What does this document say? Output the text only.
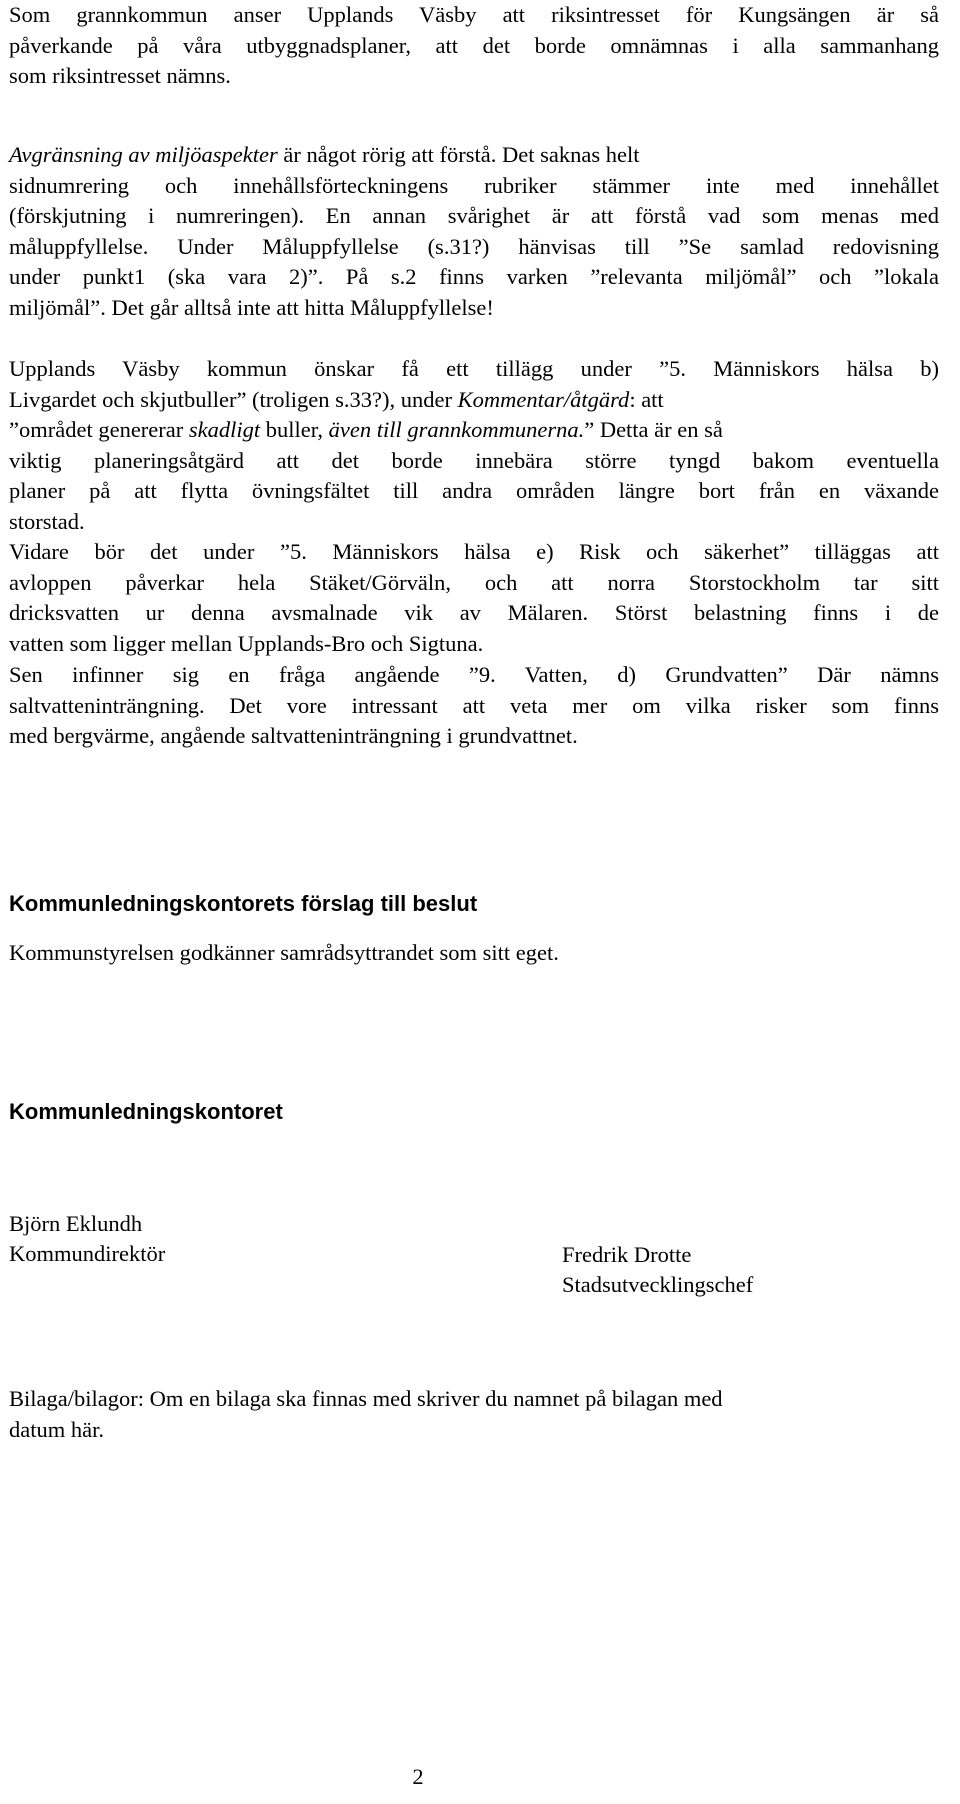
Som grannkommun anser Upplands Väsby att riksintresset för Kungsängen är så
påverkande på våra utbyggnadsplaner, att det borde omnämnas i alla sammanhang
som riksintresset nämns.
Avgränsning av miljöaspekter är något rörig att förstå. Det saknas helt
sidnumrering och innehållsförteckningens rubriker stämmer inte med innehållet
(förskjutning i numreringen). En annan svårighet är att förstå vad som menas med
måluppfyllelse. Under Måluppfyllelse (s.31?) hänvisas till ”Se samlad redovisning
under punkt1 (ska vara 2)”. På s.2 finns varken ”relevanta miljömål” och ”lokala
miljömål”. Det går alltså inte att hitta Måluppfyllelse!
Upplands Väsby kommun önskar få ett tillägg under ”5. Människors hälsa b)
Livgardet och skjutbuller” (troligen s.33?), under Kommentar/åtgärd: att
”området genererar skadligt buller, även till grannkommunerna.” Detta är en så
viktig planeringsåtgärd att det borde innebära större tyngd bakom eventuella
planer på att flytta övningsfältet till andra områden längre bort från en växande
storstad.
Vidare bör det under ”5. Människors hälsa e) Risk och säkerhet” tilläggas att
avloppen påverkar hela Stäket/Görväln, och att norra Storstockholm tar sitt
dricksvatten ur denna avsmalnade vik av Mälaren. Störst belastning finns i de
vatten som ligger mellan Upplands-Bro och Sigtuna.
Sen infinner sig en fråga angående ”9. Vatten, d) Grundvatten” Där nämns
saltvatteninträngning. Det vore intressant att veta mer om vilka risker som finns
med bergvärme, angående saltvatteninträngning i grundvattnet.
Kommunledningskontorets förslag till beslut

Kommunstyrelsen godkänner samrådsyttrandet som sitt eget.

Kommunledningskontoret

Björn Eklundh

Kommundirektör	Fredrik Drotte

Stadsutvecklingschef

Bilaga/bilagor: Om en bilaga ska finnas med skriver du namnet på bilagan med
datum här.

2
